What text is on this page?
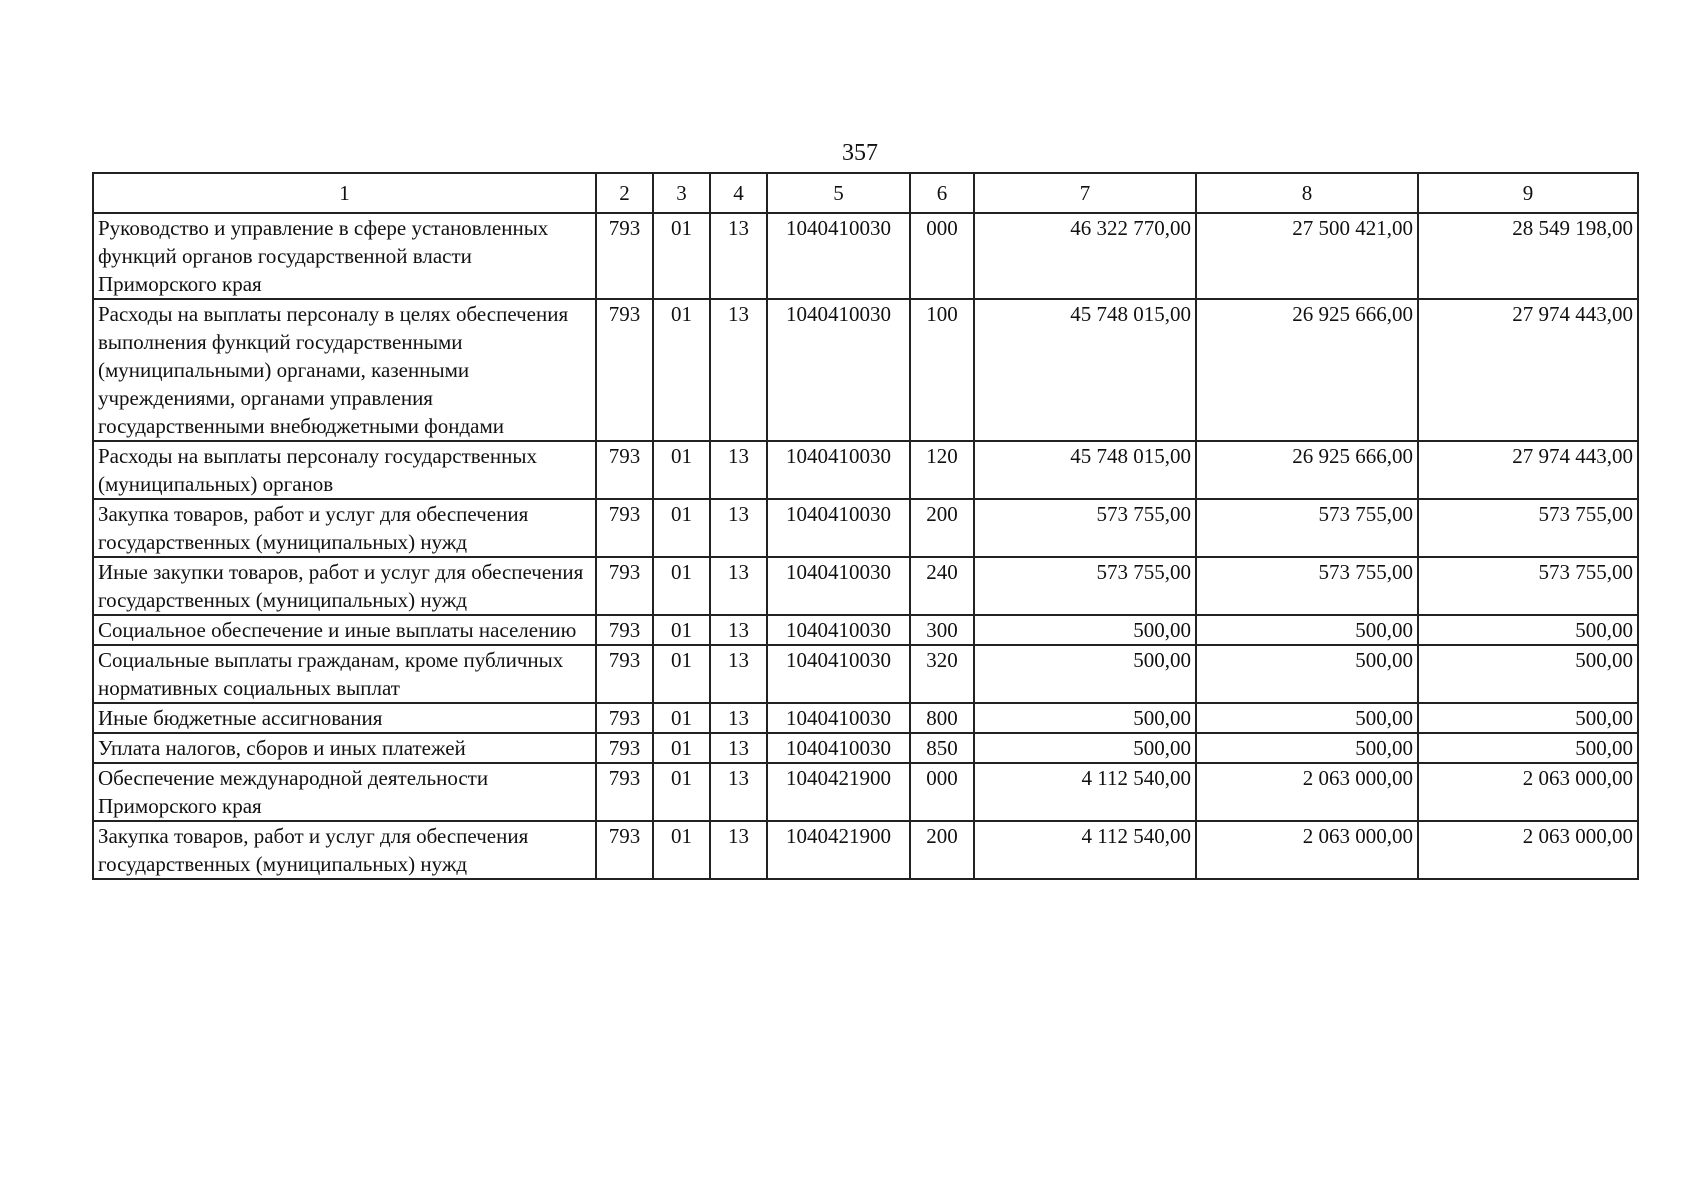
357
1	2	3	4	5	6	7	8	9
Руководство и управление в сфере установленных функций органов государственной власти Приморского края	793	01	13	1040410030	000	46 322 770,00	27 500 421,00	28 549 198,00
Расходы на выплаты персоналу в целях обеспечения выполнения функций государственными (муниципальными) органами, казенными учреждениями, органами управления государственными внебюджетными фондами	793	01	13	1040410030	100	45 748 015,00	26 925 666,00	27 974 443,00
Расходы на выплаты персоналу государственных (муниципальных) органов	793	01	13	1040410030	120	45 748 015,00	26 925 666,00	27 974 443,00
Закупка товаров, работ и услуг для обеспечения государственных (муниципальных) нужд	793	01	13	1040410030	200	573 755,00	573 755,00	573 755,00
Иные закупки товаров, работ и услуг для обеспечения государственных (муниципальных) нужд	793	01	13	1040410030	240	573 755,00	573 755,00	573 755,00
Социальное обеспечение и иные выплаты населению	793	01	13	1040410030	300	500,00	500,00	500,00
Социальные выплаты гражданам, кроме публичных нормативных социальных выплат	793	01	13	1040410030	320	500,00	500,00	500,00
Иные бюджетные ассигнования	793	01	13	1040410030	800	500,00	500,00	500,00
Уплата налогов, сборов и иных платежей	793	01	13	1040410030	850	500,00	500,00	500,00
Обеспечение международной деятельности Приморского края	793	01	13	1040421900	000	4 112 540,00	2 063 000,00	2 063 000,00
Закупка товаров, работ и услуг для обеспечения государственных (муниципальных) нужд	793	01	13	1040421900	200	4 112 540,00	2 063 000,00	2 063 000,00
